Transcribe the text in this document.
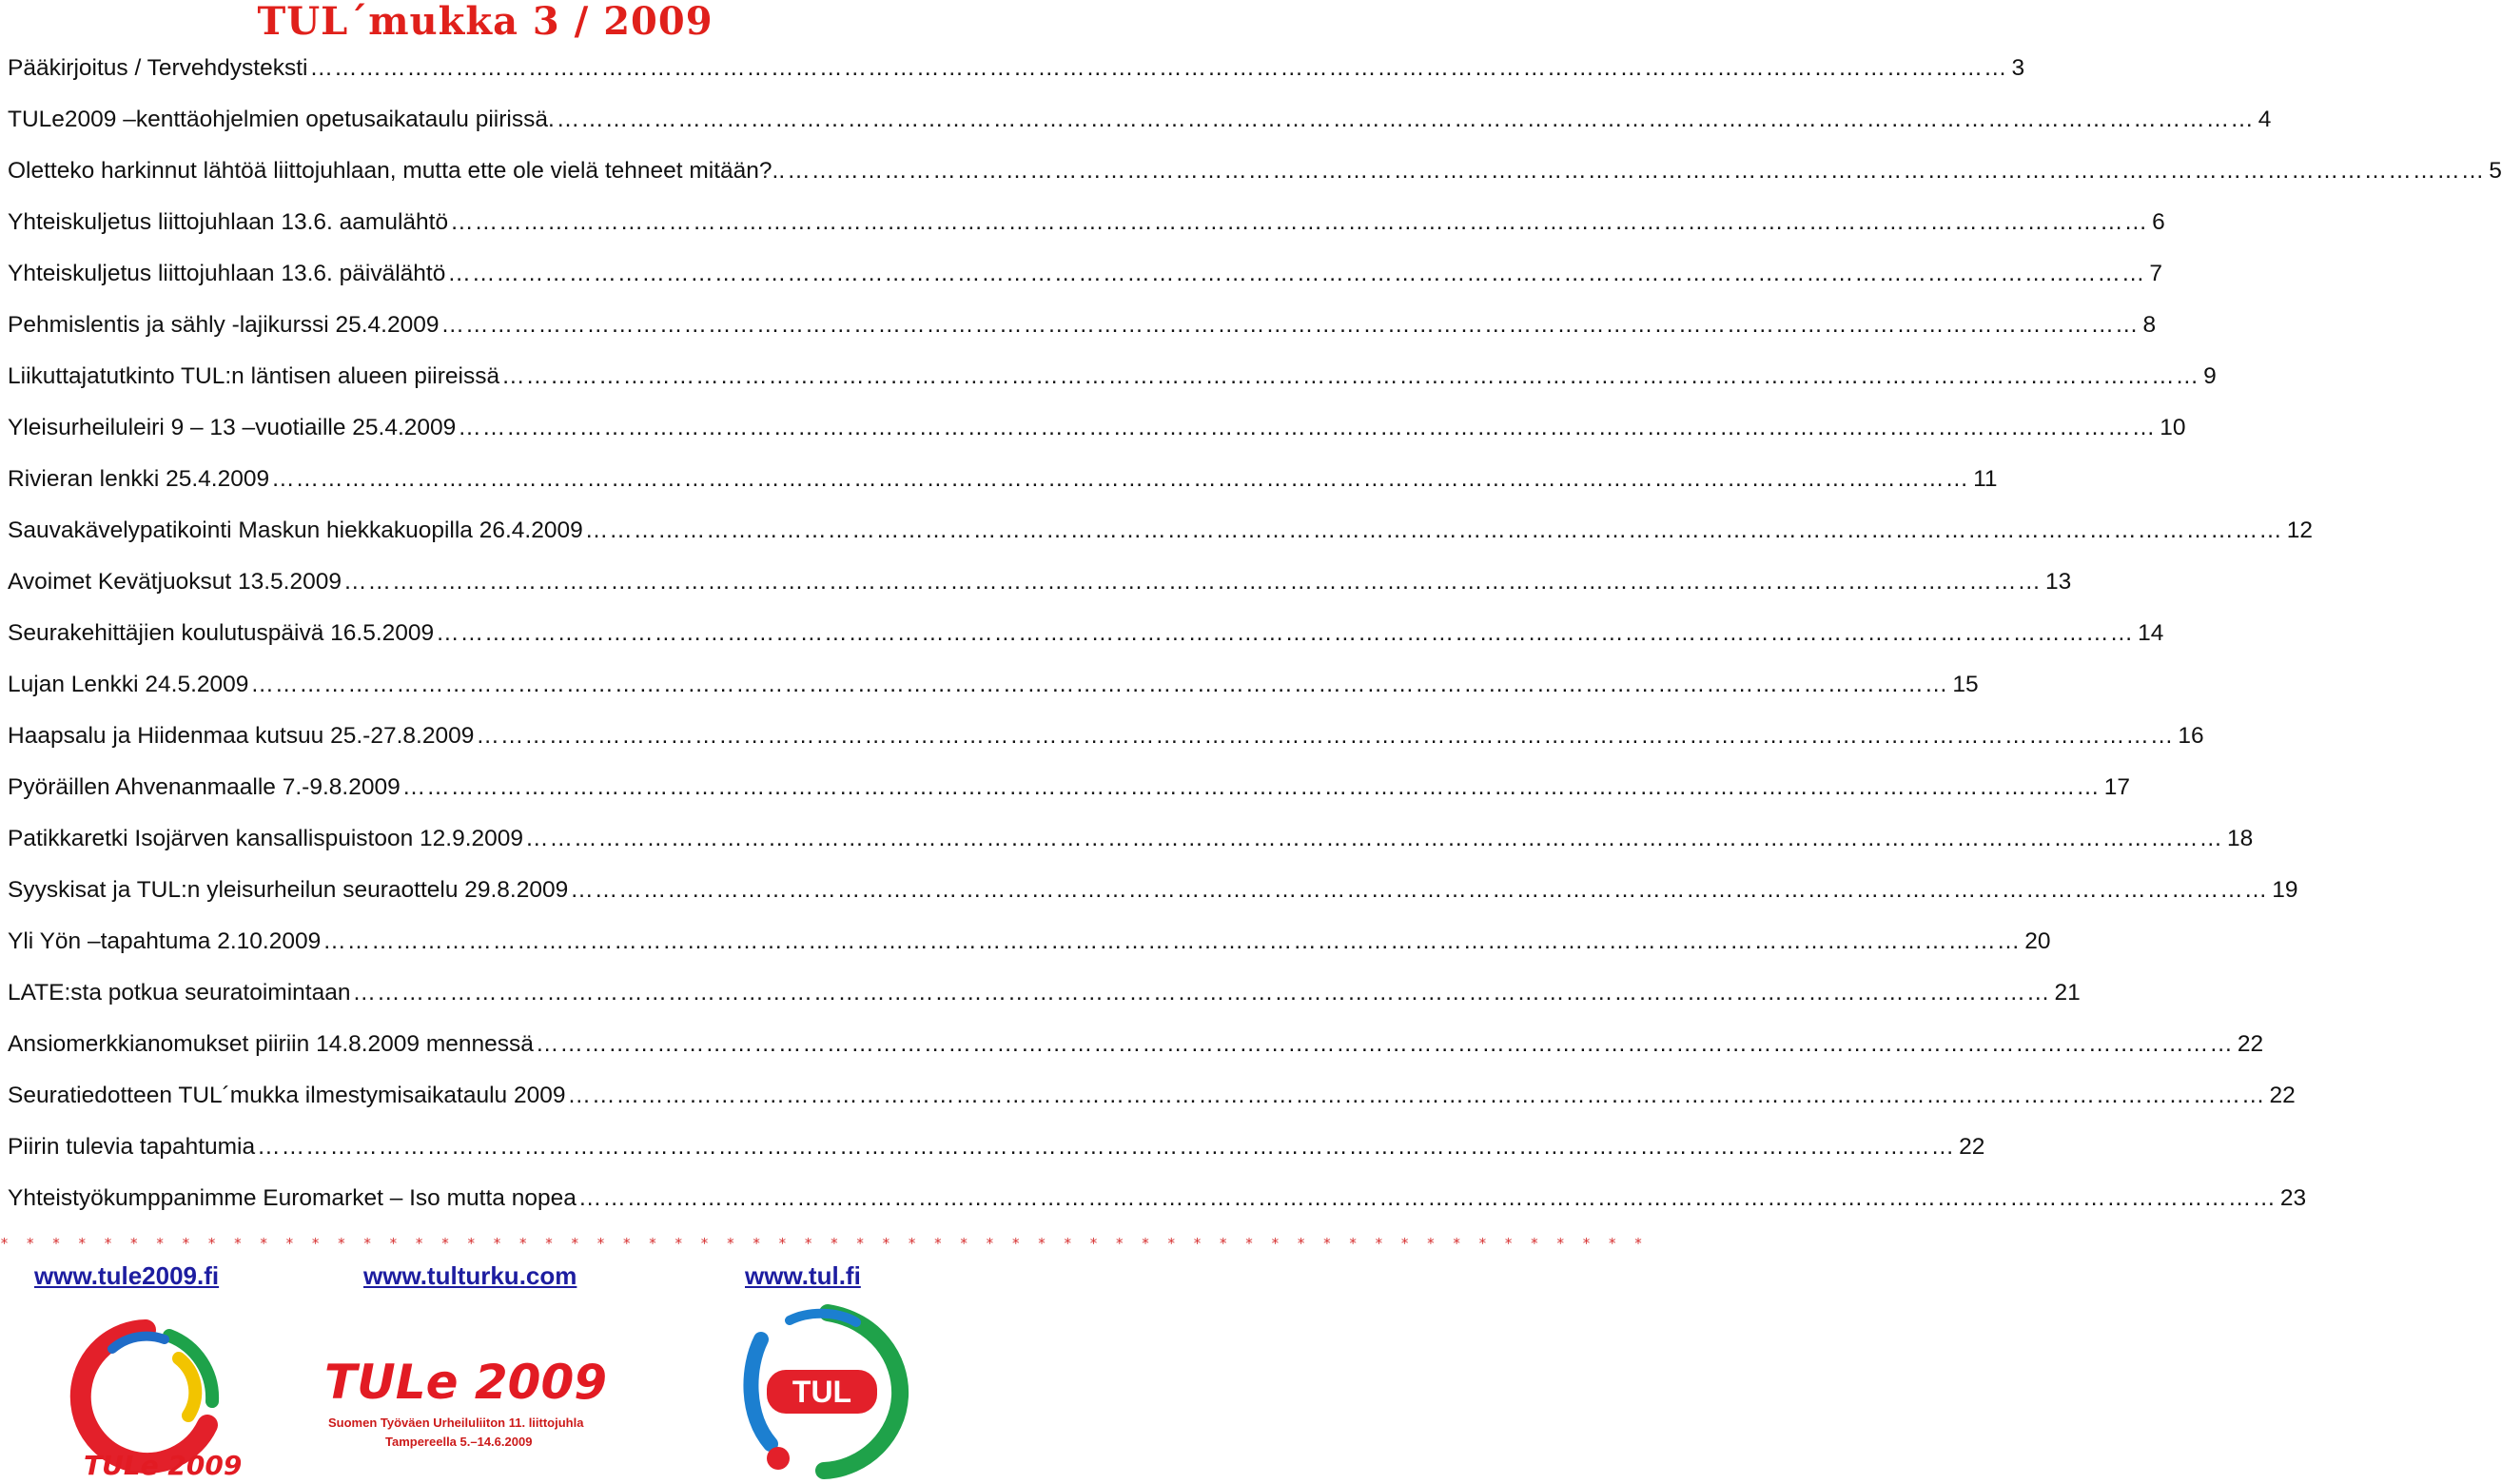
TUL´mukka 3 / 2009
Pääkirjoitus / Tervehdysteksti …………………………………………………………………………………………………………………………………………………………………………………………	3
TULe2009 –kenttäohjelmien opetusaikataulu piirissä. …………………………………………………………………………………………………………………………………………………………………………………………	4
Oletteko harkinnut lähtöä liittojuhlaan, mutta ette ole vielä tehneet mitään?.. …………………………………………………………………………………………………………………………………………………………………………………………	5
Yhteiskuljetus liittojuhlaan 13.6. aamulähtö …………………………………………………………………………………………………………………………………………………………………………………………	6
Yhteiskuljetus liittojuhlaan 13.6. päivälähtö …………………………………………………………………………………………………………………………………………………………………………………………	7
Pehmislentis ja sähly -lajikurssi 25.4.2009 …………………………………………………………………………………………………………………………………………………………………………………………	8
Liikuttajatutkinto TUL:n läntisen alueen piireissä …………………………………………………………………………………………………………………………………………………………………………………………	9
Yleisurheiluleiri 9 – 13 –vuotiaille 25.4.2009 …………………………………………………………………………………………………………………………………………………………………………………………	10
Rivieran lenkki 25.4.2009 …………………………………………………………………………………………………………………………………………………………………………………………	11
Sauvakävelypatikointi Maskun hiekkakuopilla 26.4.2009 …………………………………………………………………………………………………………………………………………………………………………………………	12
Avoimet Kevätjuoksut 13.5.2009 …………………………………………………………………………………………………………………………………………………………………………………………	13
Seurakehittäjien koulutuspäivä 16.5.2009 …………………………………………………………………………………………………………………………………………………………………………………………	14
Lujan Lenkki 24.5.2009 …………………………………………………………………………………………………………………………………………………………………………………………	15
Haapsalu ja Hiidenmaa kutsuu 25.-27.8.2009 …………………………………………………………………………………………………………………………………………………………………………………………	16
Pyöräillen Ahvenanmaalle 7.-9.8.2009 …………………………………………………………………………………………………………………………………………………………………………………………	17
Patikkaretki Isojärven kansallispuistoon 12.9.2009 …………………………………………………………………………………………………………………………………………………………………………………………	18
Syyskisat ja TUL:n yleisurheilun seuraottelu 29.8.2009 …………………………………………………………………………………………………………………………………………………………………………………………	19
Yli Yön –tapahtuma 2.10.2009 …………………………………………………………………………………………………………………………………………………………………………………………	20
LATE:sta potkua seuratoimintaan …………………………………………………………………………………………………………………………………………………………………………………………	21
Ansiomerkkianomukset piiriin 14.8.2009 mennessä …………………………………………………………………………………………………………………………………………………………………………………………	22
Seuratiedotteen TUL´mukka ilmestymisaikataulu 2009 …………………………………………………………………………………………………………………………………………………………………………………………	22
Piirin tulevia tapahtumia …………………………………………………………………………………………………………………………………………………………………………………………	22
Yhteistyökumppanimme Euromarket – Iso mutta nopea …………………………………………………………………………………………………………………………………………………………………………………………	23
* * * * * * * * * * * * * * * * * * * * * * * * * * * * * * * * * * * * * * * * * * * * * * * * * * * * * * * * * * * * * * * *
www.tule2009.fi	www.tulturku.com	www.tul.fi
TULe 2009
TULe 2009
Suomen Työväen Urheiluliiton 11. liittojuhla
Tampereella 5.–14.6.2009
TUL
